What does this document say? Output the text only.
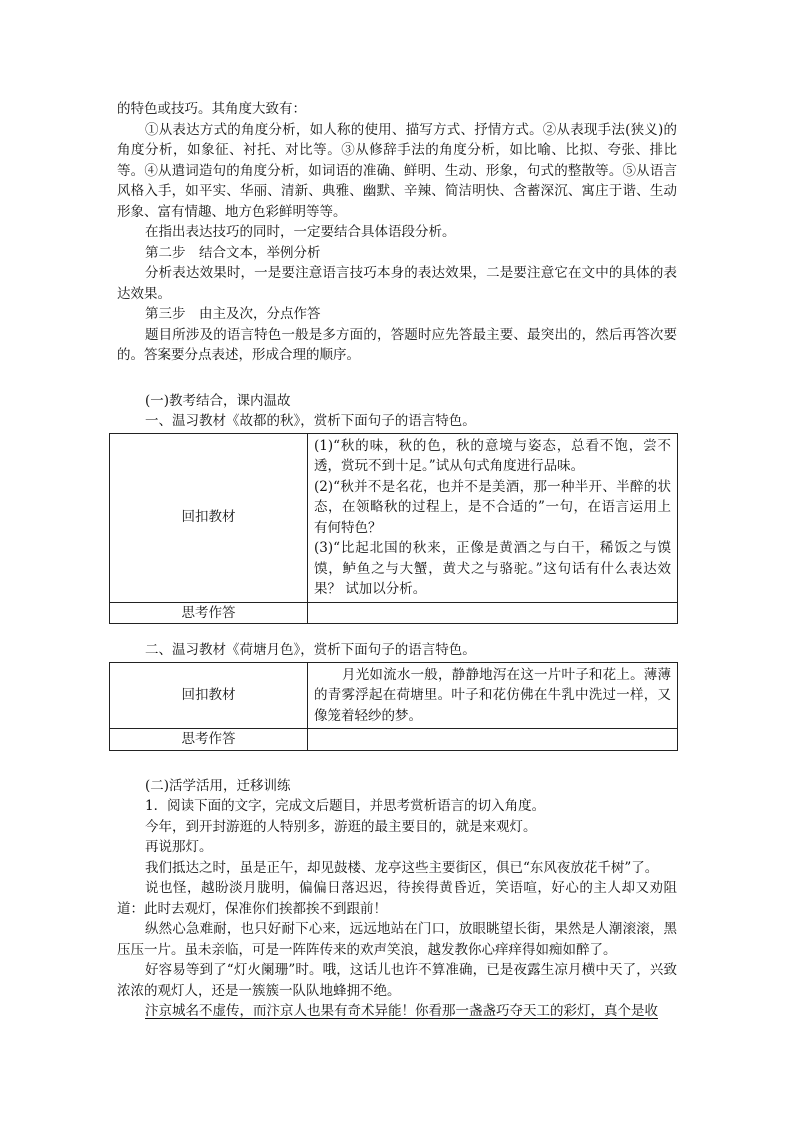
的特色或技巧。其角度大致有：

①从表达方式的角度分析，如人称的使用、描写方式、抒情方式。②从表现手法(狭义)的角度分析，如象征、衬托、对比等。③从修辞手法的角度分析，如比喻、比拟、夸张、排比等。④从遣词造句的角度分析，如词语的准确、鲜明、生动、形象，句式的整散等。⑤从语言风格入手，如平实、华丽、清新、典雅、幽默、辛辣、简洁明快、含蓄深沉、寓庄于谐、生动形象、富有情趣、地方色彩鲜明等等。

在指出表达技巧的同时，一定要结合具体语段分析。

第二步　结合文本，举例分析

分析表达效果时，一是要注意语言技巧本身的表达效果，二是要注意它在文中的具体的表达效果。

第三步　由主及次，分点作答

题目所涉及的语言特色一般是多方面的，答题时应先答最主要、最突出的，然后再答次要的。答案要分点表述，形成合理的顺序。

(一)教考结合，课内温故

一、温习教材《故都的秋》，赏析下面句子的语言特色。

回扣教材	(1)“秋的味，秋的色，秋的意境与姿态，总看不饱，尝不透，赏玩不到十足。”试从句式角度进行品味。

(2)“秋并不是名花，也并不是美酒，那一种半开、半醉的状态，在领略秋的过程上，是不合适的”一句，在语言运用上有何特色？

(3)“比起北国的秋来，正像是黄酒之与白干，稀饭之与馍馍，鲈鱼之与大蟹，黄犬之与骆驼。”这句话有什么表达效果？ 试加以分析。

思考作答	

二、温习教材《荷塘月色》，赏析下面句子的语言特色。

回扣教材	月光如流水一般，静静地泻在这一片叶子和花上。薄薄的青雾浮起在荷塘里。叶子和花仿佛在牛乳中洗过一样，又像笼着轻纱的梦。

思考作答	

(二)活学活用，迁移训练

1．阅读下面的文字，完成文后题目，并思考赏析语言的切入角度。

今年，到开封游逛的人特别多，游逛的最主要目的，就是来观灯。

再说那灯。

我们抵达之时，虽是正午，却见鼓楼、龙亭这些主要街区，俱已“东风夜放花千树”了。

说也怪，越盼淡月胧明，偏偏日落迟迟，待挨得黄昏近，笑语喧，好心的主人却又劝阻道：此时去观灯，保准你们挨都挨不到跟前！

纵然心急难耐，也只好耐下心来，远远地站在门口，放眼眺望长街，果然是人潮滚滚，黑压压一片。虽未亲临，可是一阵阵传来的欢声笑浪，越发教你心痒痒得如痴如醉了。

好容易等到了“灯火阑珊”时。哦，这话儿也许不算准确，已是夜露生凉月横中天了，兴致浓浓的观灯人，还是一簇簇一队队地蜂拥不绝。

汴京城名不虚传，而汴京人也果有奇术异能！你看那一盏盏巧夺天工的彩灯，真个是收
